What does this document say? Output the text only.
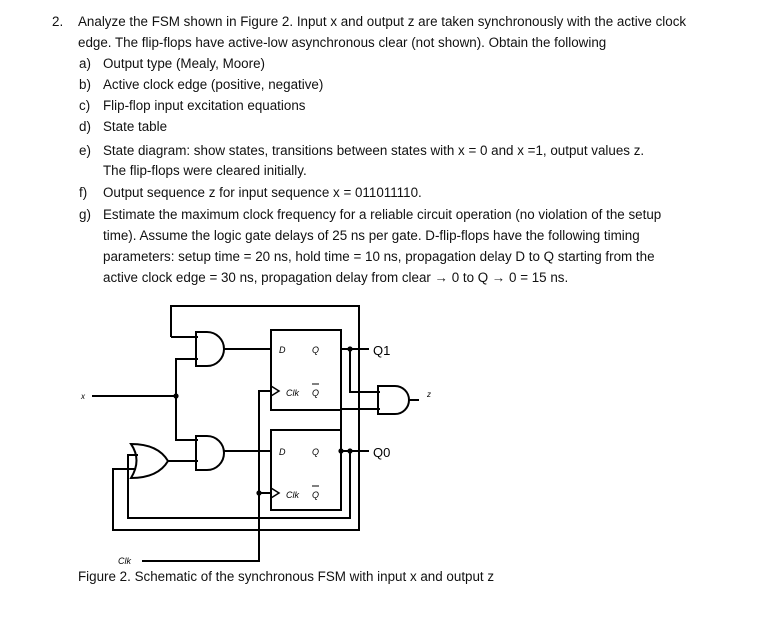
2. Analyze the FSM shown in Figure 2. Input x and output z are taken synchronously with the active clock
edge. The flip-flops have active-low asynchronous clear (not shown). Obtain the following
a) Output type (Mealy, Moore)
b) Active clock edge (positive, negative)
c) Flip-flop input excitation equations
d) State table
e) State diagram: show states, transitions between states with x = 0 and x =1, output values z.
The flip-flops were cleared initially.
f) Output sequence z for input sequence x = 011011110.
g) Estimate the maximum clock frequency for a reliable circuit operation (no violation of the setup
time). Assume the logic gate delays of 25 ns per gate. D-flip-flops have the following timing
parameters: setup time = 20 ns, hold time = 10 ns, propagation delay D to Q starting from the
active clock edge = 30 ns, propagation delay from clear → 0 to Q → 0 = 15 ns.
D	Q
Clk Q
D	Q
Clk Q
Q1
Q0
x	z
Clk
Figure 2. Schematic of the synchronous FSM with input x and output z
